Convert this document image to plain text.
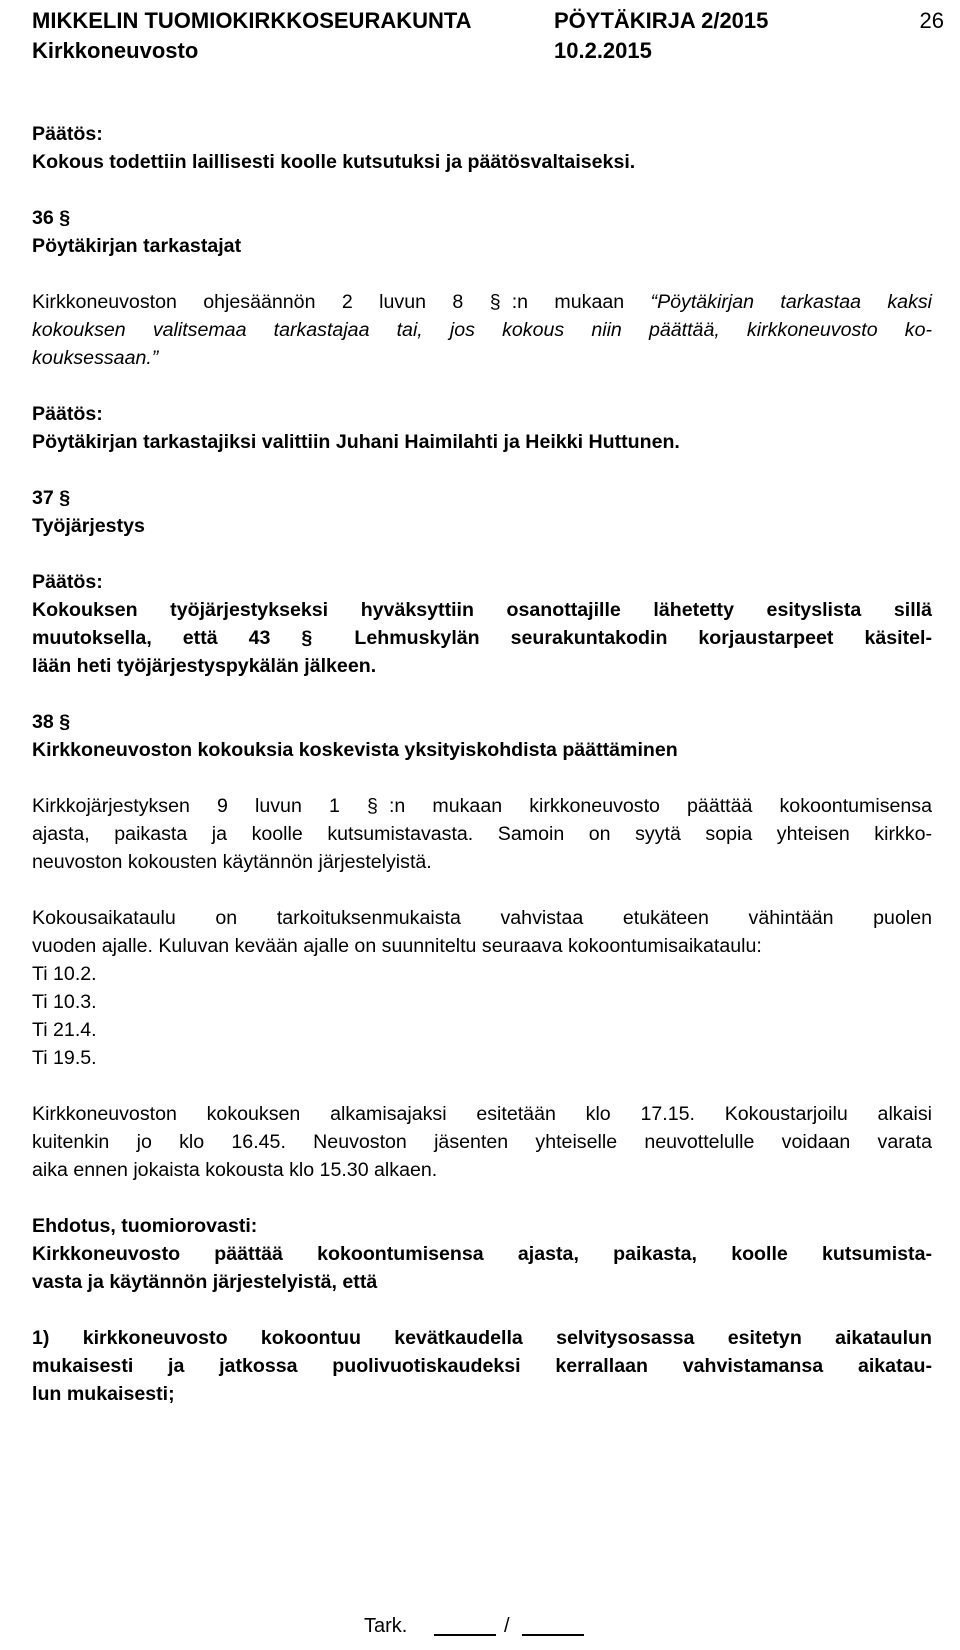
MIKKELIN TUOMIOKIRKKOSEURAKUNTA	PÖYTÄKIRJA 2/2015	26
Kirkkoneuvosto	10.2.2015

Päätös:

Kokous todettiin laillisesti koolle kutsutuksi ja päätösvaltaiseksi.

36 §

Pöytäkirjan tarkastajat

Kirkkoneuvoston ohjesäännön 2 luvun 8 § :n mukaan “Pöytäkirjan tarkastaa kaksi
kokouksen valitsemaa tarkastajaa tai, jos kokous niin päättää, kirkkoneuvosto ko-
kouksessaan.”

Päätös:

Pöytäkirjan tarkastajiksi valittiin Juhani Haimilahti ja Heikki Huttunen.

37 §

Työjärjestys

Päätös:

Kokouksen työjärjestykseksi hyväksyttiin osanottajille lähetetty esityslista sillä
muutoksella, että 43 § Lehmuskylän seurakuntakodin korjaustarpeet käsitel-
lään heti työjärjestyspykälän jälkeen.

38 §

Kirkkoneuvoston kokouksia koskevista yksityiskohdista päättäminen

Kirkkojärjestyksen 9 luvun 1 § :n mukaan kirkkoneuvosto päättää kokoontumisensa
ajasta, paikasta ja koolle kutsumistavasta. Samoin on syytä sopia yhteisen kirkko-
neuvoston kokousten käytännön järjestelyistä.
Kokousaikataulu on tarkoituksenmukaista vahvistaa etukäteen vähintään puolen
vuoden ajalle. Kuluvan kevään ajalle on suunniteltu seuraava kokoontumisaikataulu:
Ti 10.2.
Ti 10.3.
Ti 21.4.
Ti 19.5.
Kirkkoneuvoston kokouksen alkamisajaksi esitetään klo 17.15. Kokoustarjoilu alkaisi
kuitenkin jo klo 16.45. Neuvoston jäsenten yhteiselle neuvottelulle voidaan varata
aika ennen jokaista kokousta klo 15.30 alkaen.

Ehdotus, tuomiorovasti:

Kirkkoneuvosto päättää kokoontumisensa ajasta, paikasta, koolle kutsumista-
vasta ja käytännön järjestelyistä, että
1) kirkkoneuvosto kokoontuu kevätkaudella selvitysosassa esitetyn aikataulun
mukaisesti ja jatkossa puolivuotiskaudeksi kerrallaan vahvistamansa aikatau-
lun mukaisesti;
Tark.	/
